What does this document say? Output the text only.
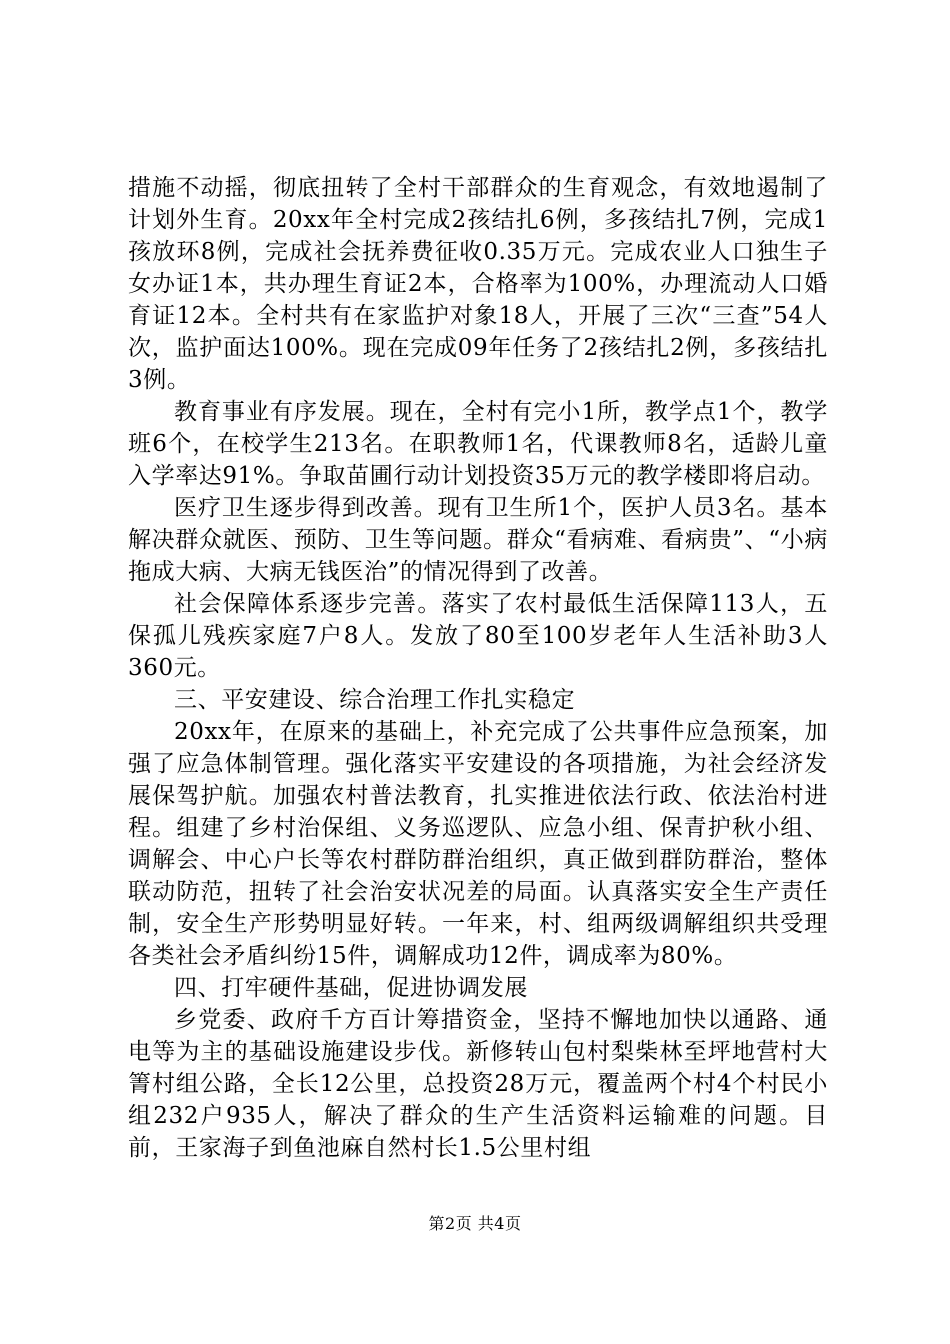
措施不动摇，彻底扭转了全村干部群众的生育观念，有效地遏制了计划外生育。20xx年全村完成2孩结扎6例，多孩结扎7例，完成1孩放环8例，完成社会抚养费征收0.35万元。完成农业人口独生子女办证1本，共办理生育证2本，合格率为100%，办理流动人口婚育证12本。全村共有在家监护对象18人，开展了三次“三查”54人次，监护面达100%。现在完成09年任务了2孩结扎2例，多孩结扎3例。

教育事业有序发展。现在，全村有完小1所，教学点1个，教学班6个，在校学生213名。在职教师1名，代课教师8名，适龄儿童入学率达91%。争取苗圃行动计划投资35万元的教学楼即将启动。

医疗卫生逐步得到改善。现有卫生所1个，医护人员3名。基本解决群众就医、预防、卫生等问题。群众“看病难、看病贵”、“小病拖成大病、大病无钱医治”的情况得到了改善。

社会保障体系逐步完善。落实了农村最低生活保障113人，五保孤儿残疾家庭7户8人。发放了80至100岁老年人生活补助3人360元。

三、平安建设、综合治理工作扎实稳定

20xx年，在原来的基础上，补充完成了公共事件应急预案，加强了应急体制管理。强化落实平安建设的各项措施，为社会经济发展保驾护航。加强农村普法教育，扎实推进依法行政、依法治村进程。组建了乡村治保组、义务巡逻队、应急小组、保青护秋小组、调解会、中心户长等农村群防群治组织，真正做到群防群治，整体联动防范，扭转了社会治安状况差的局面。认真落实安全生产责任制，安全生产形势明显好转。一年来，村、组两级调解组织共受理各类社会矛盾纠纷15件，调解成功12件，调成率为80%。

四、打牢硬件基础，促进协调发展

乡党委、政府千方百计筹措资金，坚持不懈地加快以通路、通电等为主的基础设施建设步伐。新修转山包村梨柴林至坪地营村大箐村组公路，全长12公里，总投资28万元，覆盖两个村4个村民小组232户935人，解决了群众的生产生活资料运输难的问题。目前，王家海子到鱼池麻自然村长1.5公里村组

第2页 共4页
